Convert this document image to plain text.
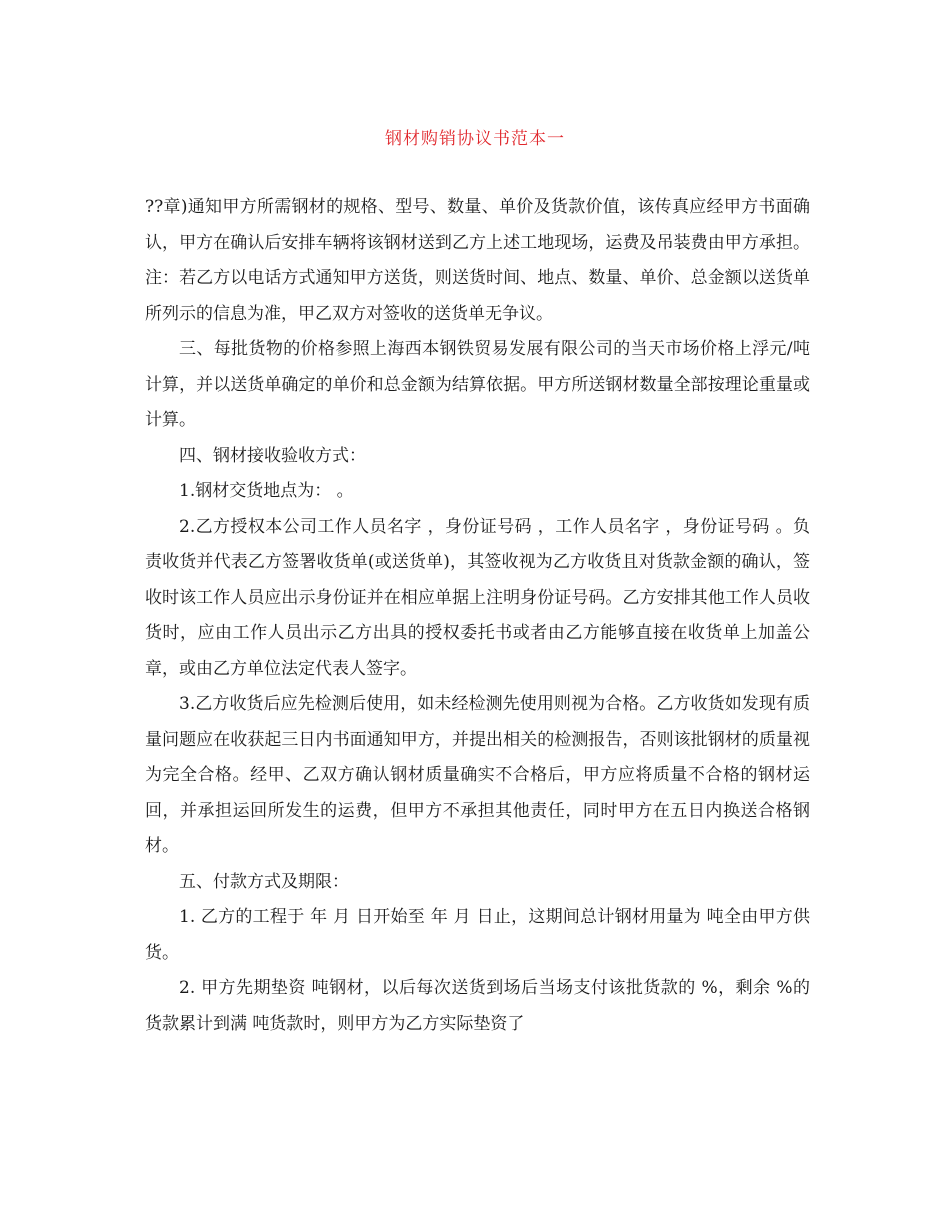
钢材购销协议书范本一

??章)通知甲方所需钢材的规格、型号、数量、单价及货款价值，该传真应经甲方书面确认，甲方在确认后安排车辆将该钢材送到乙方上述工地现场，运费及吊装费由甲方承担。注：若乙方以电话方式通知甲方送货，则送货时间、地点、数量、单价、总金额以送货单所列示的信息为准，甲乙双方对签收的送货单无争议。

三、每批货物的价格参照上海西本钢铁贸易发展有限公司的当天市场价格上浮元/吨计算，并以送货单确定的单价和总金额为结算依据。甲方所送钢材数量全部按理论重量或 计算。

四、钢材接收验收方式：

1.钢材交货地点为： 。

2.乙方授权本公司工作人员名字 ，身份证号码 ，工作人员名字 ，身份证号码 。负责收货并代表乙方签署收货单(或送货单)，其签收视为乙方收货且对货款金额的确认，签收时该工作人员应出示身份证并在相应单据上注明身份证号码。乙方安排其他工作人员收货时，应由工作人员出示乙方出具的授权委托书或者由乙方能够直接在收货单上加盖公章，或由乙方单位法定代表人签字。

3.乙方收货后应先检测后使用，如未经检测先使用则视为合格。乙方收货如发现有质量问题应在收获起三日内书面通知甲方，并提出相关的检测报告，否则该批钢材的质量视为完全合格。经甲、乙双方确认钢材质量确实不合格后，甲方应将质量不合格的钢材运回，并承担运回所发生的运费，但甲方不承担其他责任，同时甲方在五日内换送合格钢材。

五、付款方式及期限：

1. 乙方的工程于 年 月 日开始至 年 月 日止，这期间总计钢材用量为 吨全由甲方供货。

2. 甲方先期垫资 吨钢材，以后每次送货到场后当场支付该批货款的 %，剩余 %的货款累计到满 吨货款时，则甲方为乙方实际垫资了
